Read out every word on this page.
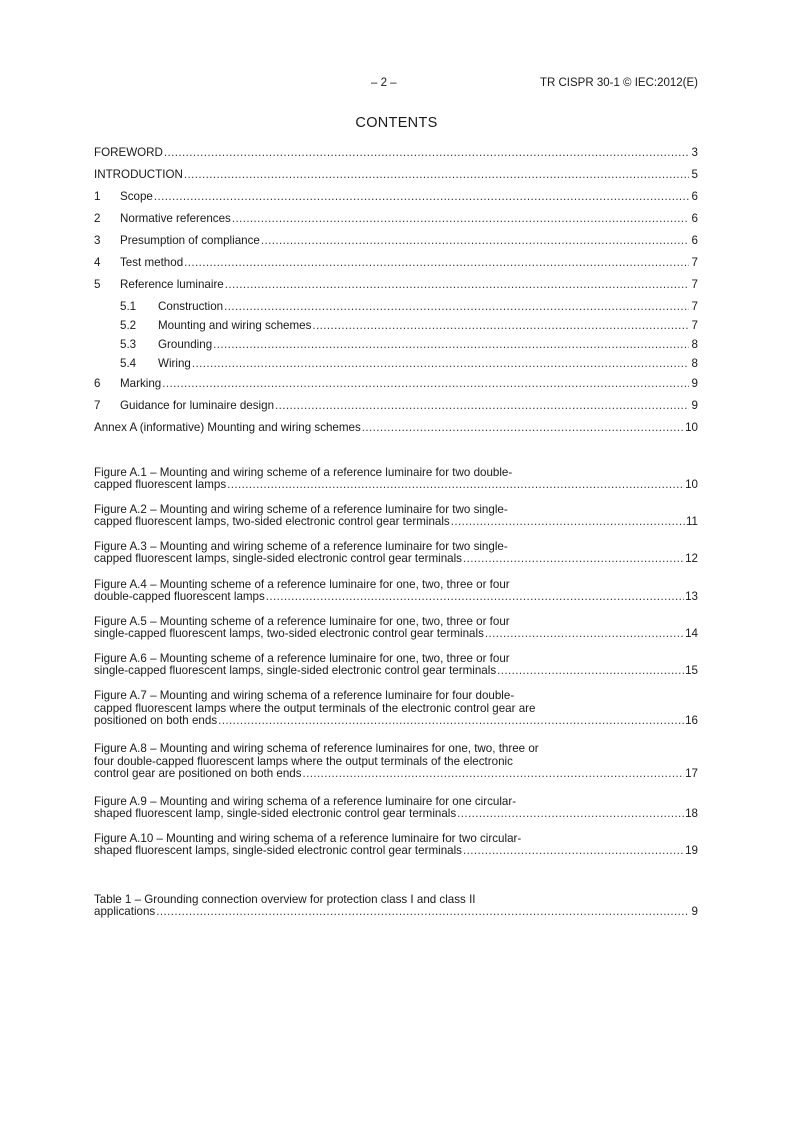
– 2 –	TR CISPR 30-1 © IEC:2012(E)
CONTENTS
FOREWORD .....	3
INTRODUCTION .....	5
1	Scope .....	6
2	Normative references .....	6
3	Presumption of compliance .....	6
4	Test method .....	7
5	Reference luminaire .....	7
5.1	Construction .....	7
5.2	Mounting and wiring schemes .....	7
5.3	Grounding .....	8
5.4	Wiring .....	8
6	Marking .....	9
7	Guidance for luminaire design .....	9
Annex A (informative) Mounting and wiring schemes .....	10
Figure A.1 – Mounting and wiring scheme of a reference luminaire for two double-
capped fluorescent lamps .....	10
Figure A.2 – Mounting and wiring scheme of a reference luminaire for two single-
capped fluorescent lamps, two-sided electronic control gear terminals .....	11
Figure A.3 – Mounting and wiring scheme of a reference luminaire for two single-
capped fluorescent lamps, single-sided electronic control gear terminals .....	12
Figure A.4 – Mounting scheme of a reference luminaire for one, two, three or four
double-capped fluorescent lamps .....	13
Figure A.5 – Mounting scheme of a reference luminaire for one, two, three or four
single-capped fluorescent lamps, two-sided electronic control gear terminals .....	14
Figure A.6 – Mounting scheme of a reference luminaire for one, two, three or four
single-capped fluorescent lamps, single-sided electronic control gear terminals .....	15
Figure A.7 – Mounting and wiring schema of a reference luminaire for four double-
capped fluorescent lamps where the output terminals of the electronic control gear are
positioned on both ends .....	16
Figure A.8 – Mounting and wiring schema of reference luminaires for one, two, three or
four double-capped fluorescent lamps where the output terminals of the electronic
control gear are positioned on both ends .....	17
Figure A.9 – Mounting and wiring schema of a reference luminaire for one circular-
shaped fluorescent lamp, single-sided electronic control gear terminals .....	18
Figure A.10 – Mounting and wiring schema of a reference luminaire for two circular-
shaped fluorescent lamps, single-sided electronic control gear terminals .....	19
Table 1 – Grounding connection overview for protection class I and class II
applications .....	9
